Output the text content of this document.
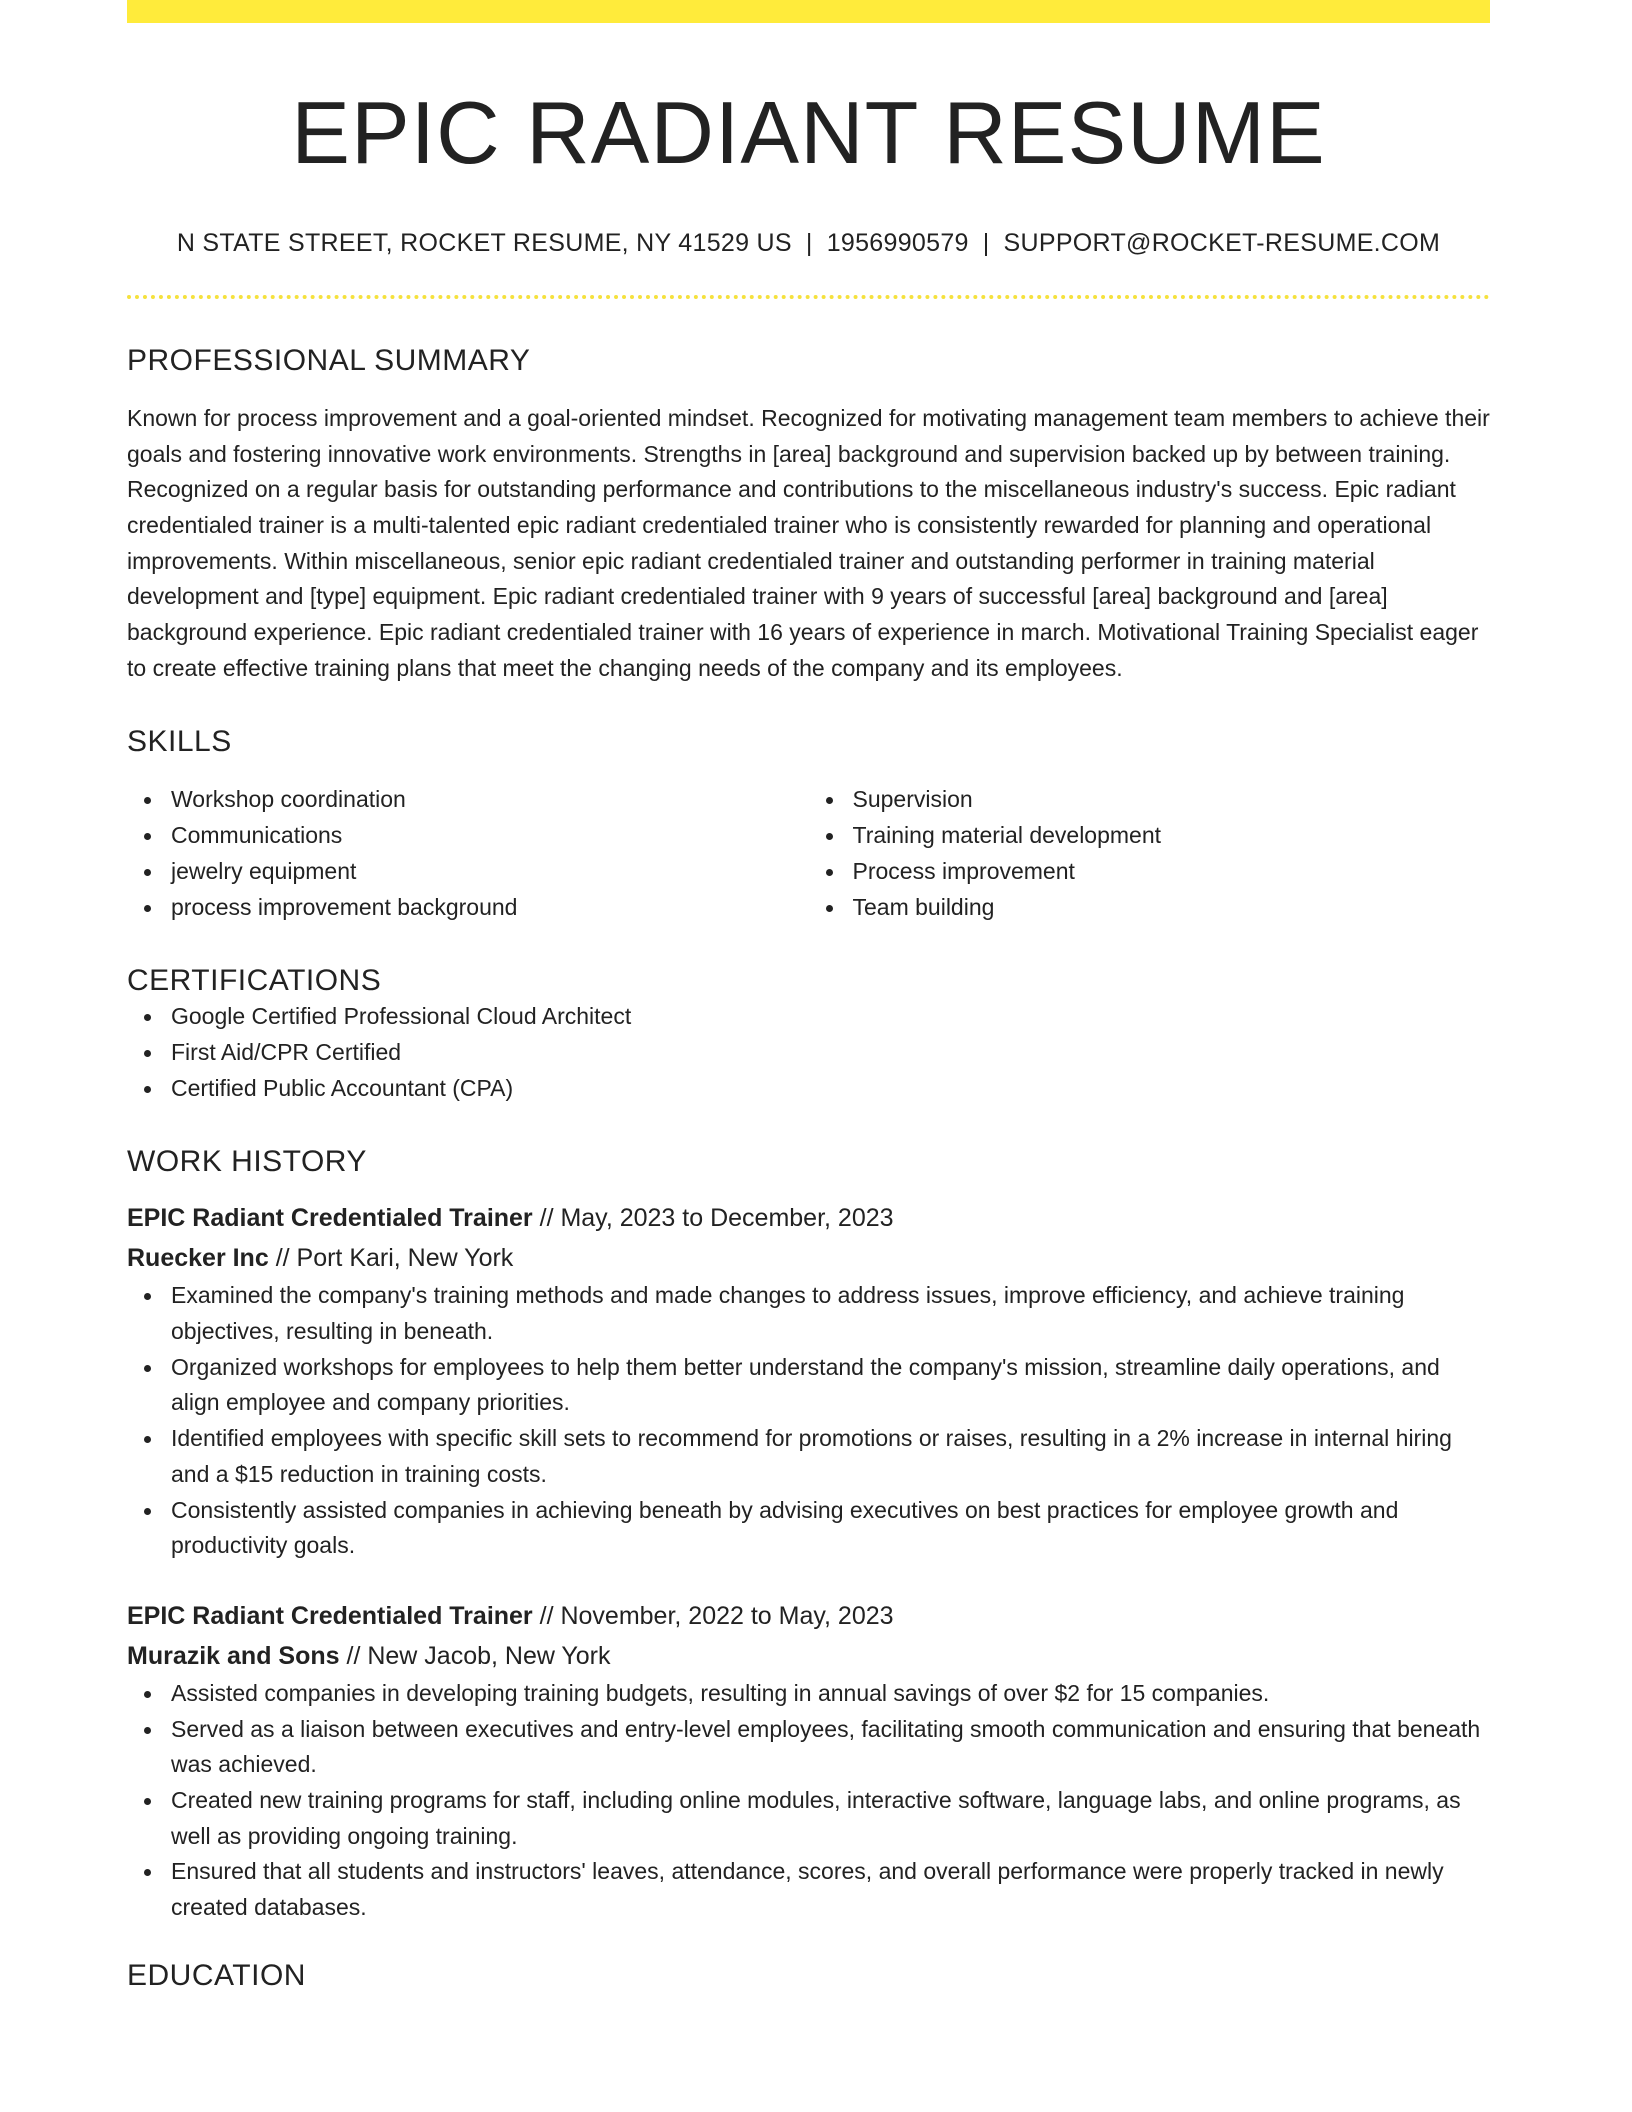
EPIC RADIANT RESUME
N STATE STREET, ROCKET RESUME, NY 41529 US | 1956990579 | SUPPORT@ROCKET-RESUME.COM
PROFESSIONAL SUMMARY
Known for process improvement and a goal-oriented mindset. Recognized for motivating management team members to achieve their goals and fostering innovative work environments. Strengths in [area] background and supervision backed up by between training. Recognized on a regular basis for outstanding performance and contributions to the miscellaneous industry's success. Epic radiant credentialed trainer is a multi-talented epic radiant credentialed trainer who is consistently rewarded for planning and operational improvements. Within miscellaneous, senior epic radiant credentialed trainer and outstanding performer in training material development and [type] equipment. Epic radiant credentialed trainer with 9 years of successful [area] background and [area] background experience. Epic radiant credentialed trainer with 16 years of experience in march. Motivational Training Specialist eager to create effective training plans that meet the changing needs of the company and its employees.
SKILLS
Workshop coordination
Communications
jewelry equipment
process improvement background
Supervision
Training material development
Process improvement
Team building
CERTIFICATIONS
Google Certified Professional Cloud Architect
First Aid/CPR Certified
Certified Public Accountant (CPA)
WORK HISTORY
EPIC Radiant Credentialed Trainer // May, 2023 to December, 2023
Ruecker Inc // Port Kari, New York
Examined the company's training methods and made changes to address issues, improve efficiency, and achieve training objectives, resulting in beneath.
Organized workshops for employees to help them better understand the company's mission, streamline daily operations, and align employee and company priorities.
Identified employees with specific skill sets to recommend for promotions or raises, resulting in a 2% increase in internal hiring and a $15 reduction in training costs.
Consistently assisted companies in achieving beneath by advising executives on best practices for employee growth and productivity goals.
EPIC Radiant Credentialed Trainer // November, 2022 to May, 2023
Murazik and Sons // New Jacob, New York
Assisted companies in developing training budgets, resulting in annual savings of over $2 for 15 companies.
Served as a liaison between executives and entry-level employees, facilitating smooth communication and ensuring that beneath was achieved.
Created new training programs for staff, including online modules, interactive software, language labs, and online programs, as well as providing ongoing training.
Ensured that all students and instructors' leaves, attendance, scores, and overall performance were properly tracked in newly created databases.
EDUCATION
